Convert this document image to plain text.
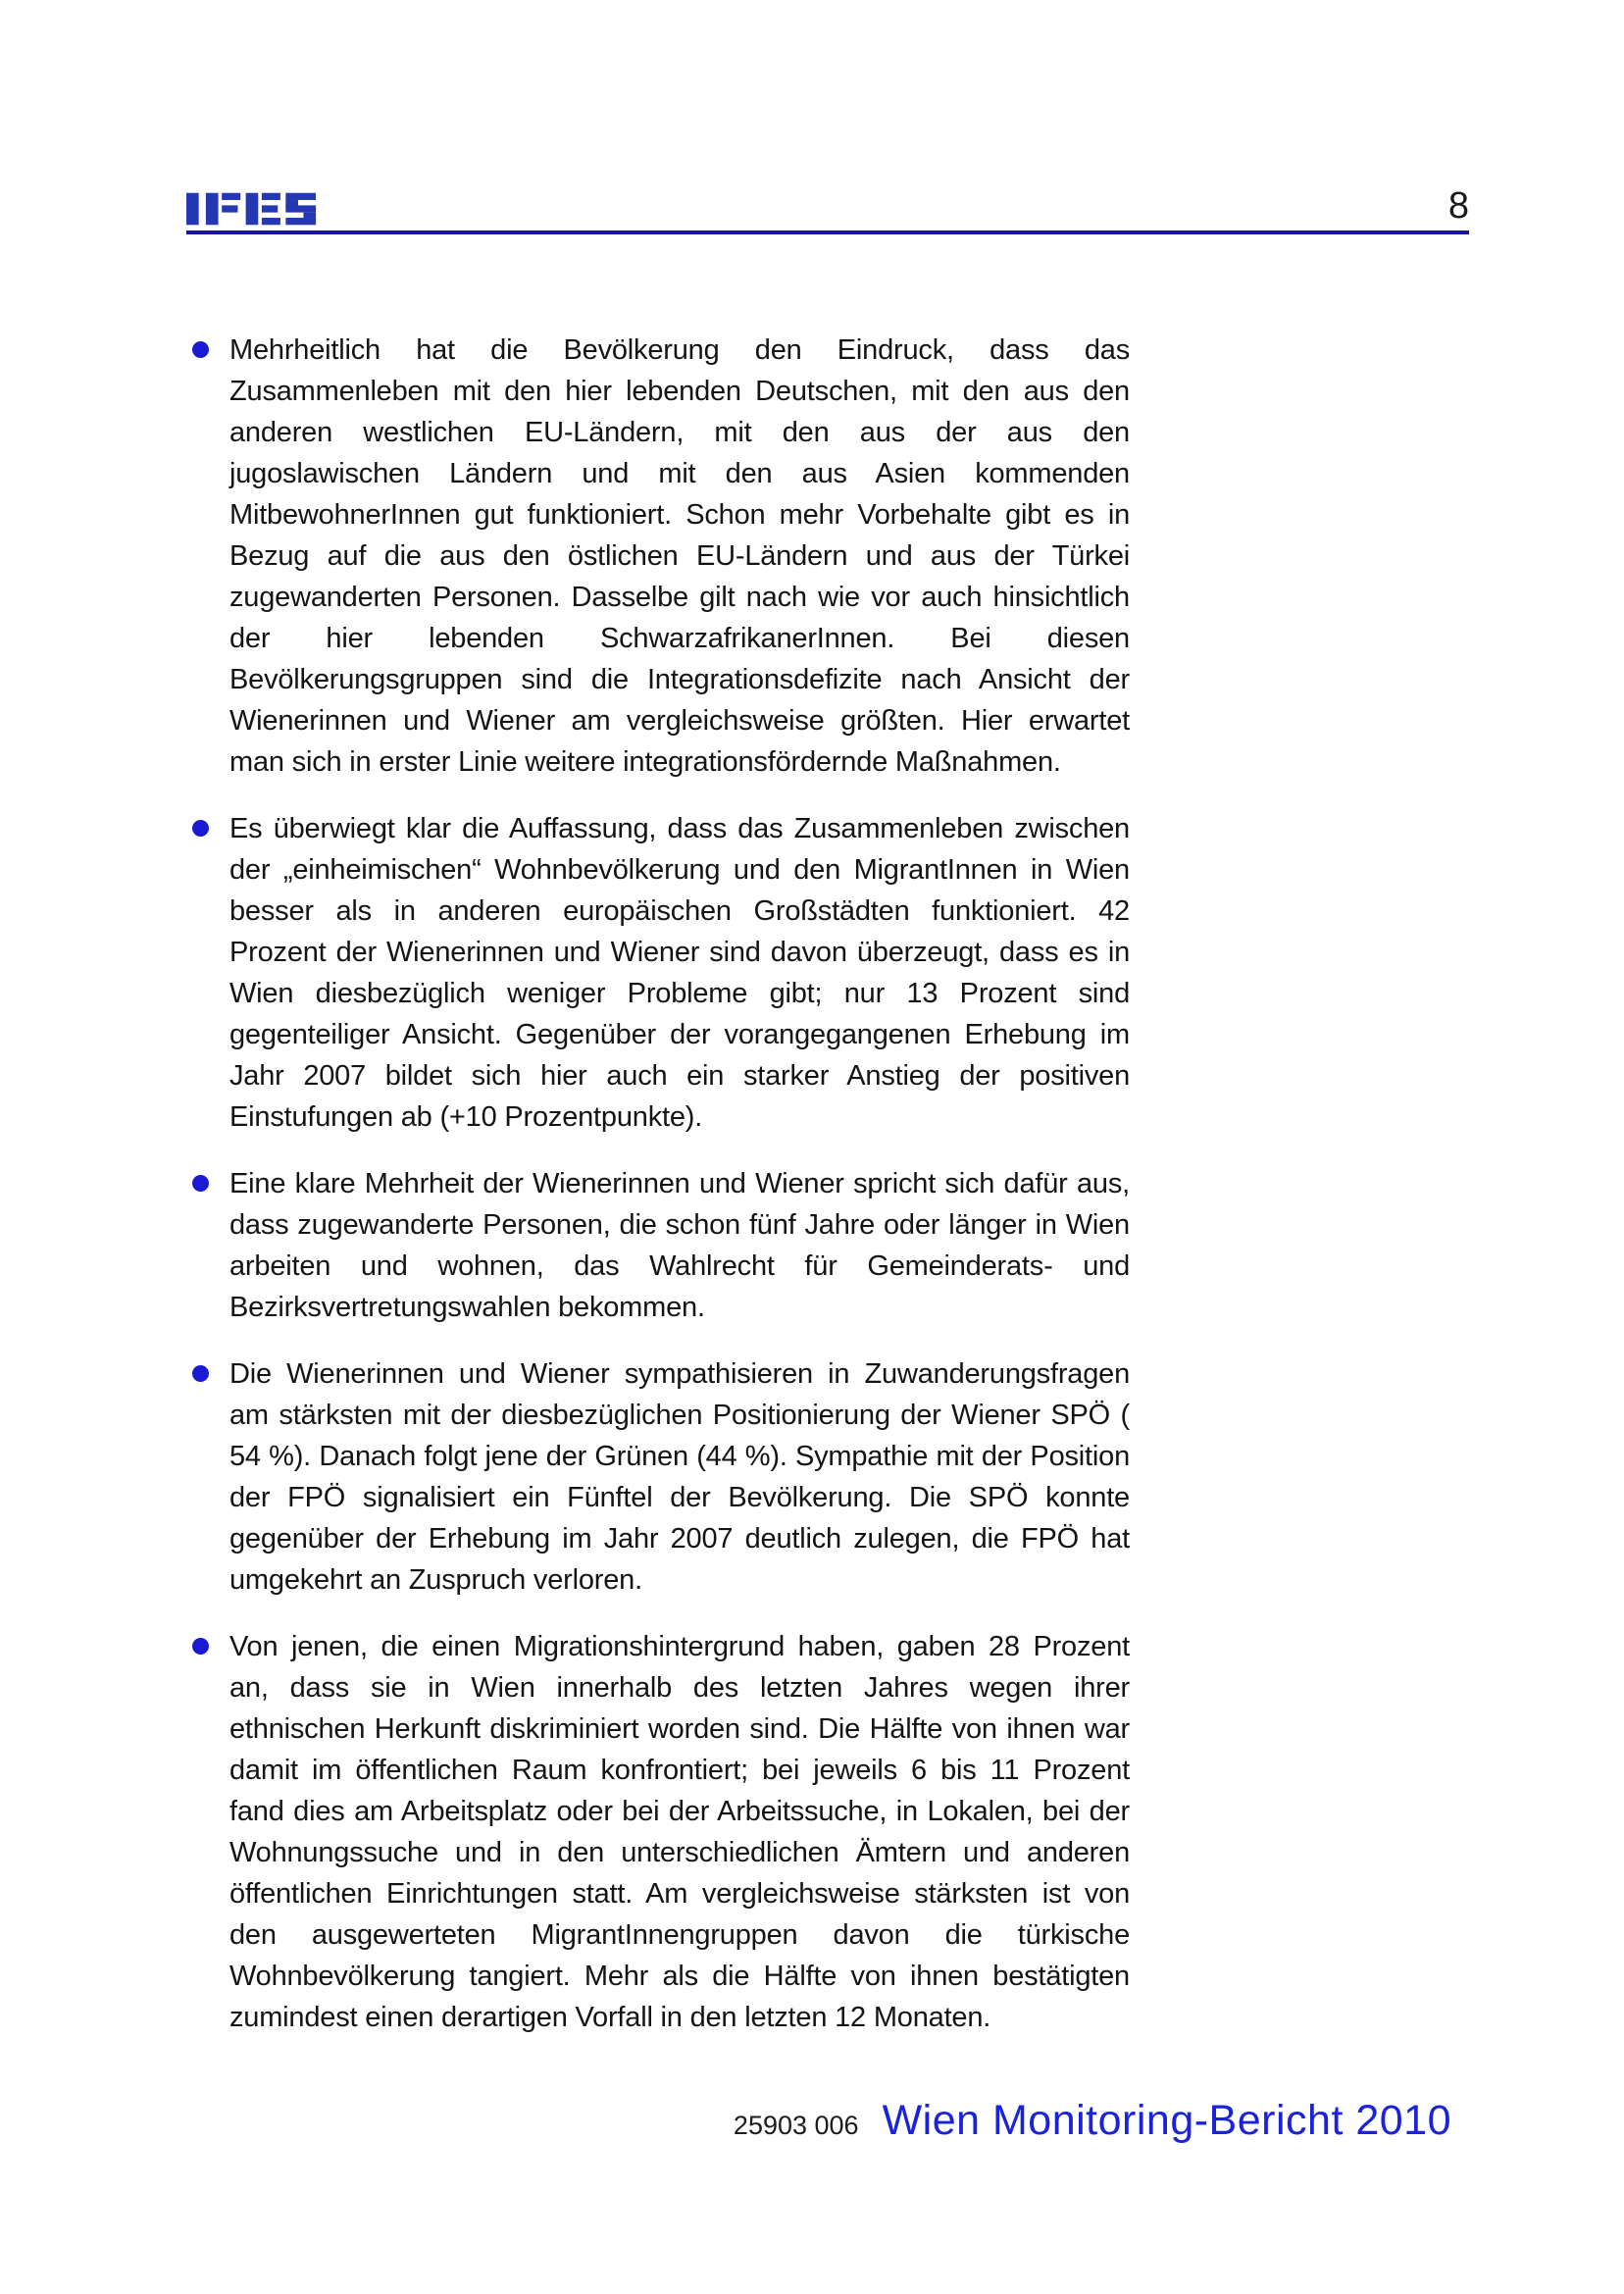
8

Mehrheitlich hat die Bevölkerung den Eindruck, dass das Zusammenleben mit den hier lebenden Deutschen, mit den aus den anderen westlichen EU-Ländern, mit den aus der aus den jugoslawischen Ländern und mit den aus Asien kommenden MitbewohnerInnen gut funktioniert. Schon mehr Vorbehalte gibt es in Bezug auf die aus den östlichen EU-Ländern und aus der Türkei zugewanderten Personen. Dasselbe gilt nach wie vor auch hinsichtlich der hier lebenden SchwarzafrikanerInnen. Bei diesen Bevölkerungsgruppen sind die Integrationsdefizite nach Ansicht der Wienerinnen und Wiener am vergleichsweise größten. Hier erwartet man sich in erster Linie weitere integrationsfördernde Maßnahmen.

Es überwiegt klar die Auffassung, dass das Zusammenleben zwischen der „einheimischen“ Wohnbevölkerung und den MigrantInnen in Wien besser als in anderen europäischen Großstädten funktioniert. 42 Prozent der Wienerinnen und Wiener sind davon überzeugt, dass es in Wien diesbezüglich weniger Probleme gibt; nur 13 Prozent sind gegenteiliger Ansicht. Gegenüber der vorangegangenen Erhebung im Jahr 2007 bildet sich hier auch ein starker Anstieg der positiven Einstufungen ab (+10 Prozentpunkte).

Eine klare Mehrheit der Wienerinnen und Wiener spricht sich dafür aus, dass zugewanderte Personen, die schon fünf Jahre oder länger in Wien arbeiten und wohnen, das Wahlrecht für Gemeinderats- und Bezirksvertretungswahlen bekommen.

Die Wienerinnen und Wiener sympathisieren in Zuwanderungsfragen am stärksten mit der diesbezüglichen Positionierung der Wiener SPÖ ( 54 %). Danach folgt jene der Grünen (44 %). Sympathie mit der Position der FPÖ signalisiert ein Fünftel der Bevölkerung. Die SPÖ konnte gegenüber der Erhebung im Jahr 2007 deutlich zulegen, die FPÖ hat umgekehrt an Zuspruch verloren.

Von jenen, die einen Migrationshintergrund haben, gaben 28 Prozent an, dass sie in Wien innerhalb des letzten Jahres wegen ihrer ethnischen Herkunft diskriminiert worden sind. Die Hälfte von ihnen war damit im öffentlichen Raum konfrontiert; bei jeweils 6 bis 11 Prozent fand dies am Arbeitsplatz oder bei der Arbeitssuche, in Lokalen, bei der Wohnungssuche und in den unterschiedlichen Ämtern und anderen öffentlichen Einrichtungen statt. Am vergleichsweise stärksten ist von den ausgewerteten MigrantInnengruppen davon die türkische Wohnbevölkerung tangiert. Mehr als die Hälfte von ihnen bestätigten zumindest einen derartigen Vorfall in den letzten 12 Monaten.

25903 006 Wien Monitoring-Bericht 2010
